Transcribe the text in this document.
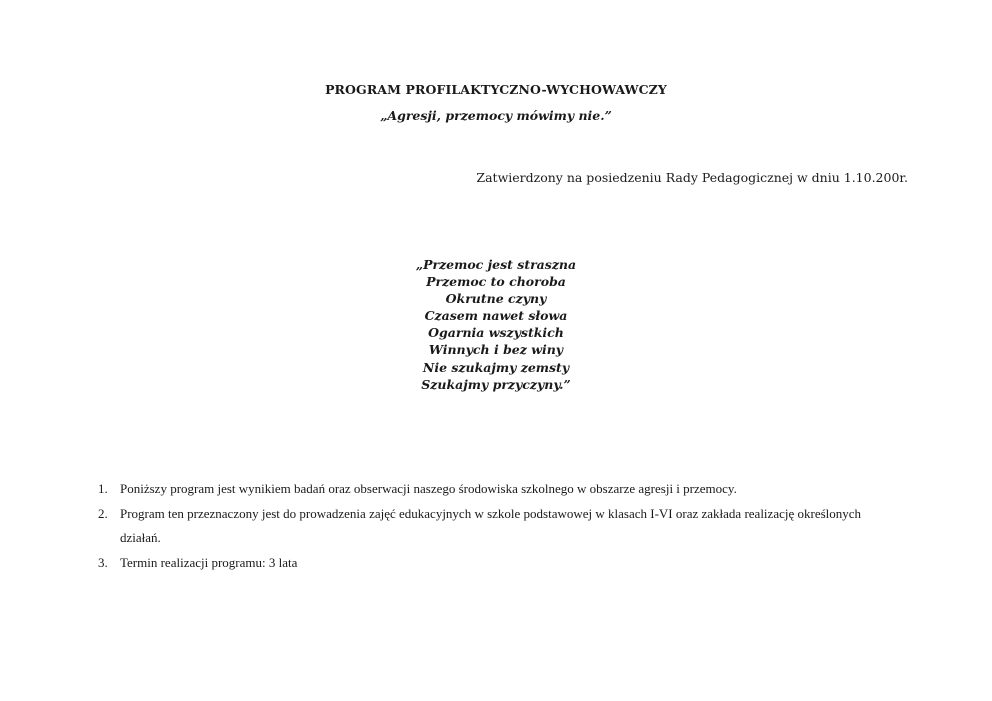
PROGRAM PROFILAKTYCZNO-WYCHOWAWCZY
„Agresji, przemocy mówimy nie.”
Zatwierdzony na posiedzeniu Rady Pedagogicznej w dniu 1.10.200r.
„Przemoc jest straszna
Przemoc to choroba
Okrutne czyny
Czasem nawet słowa
Ogarnia wszystkich
Winnych i bez winy
Nie szukajmy zemsty
Szukajmy przyczyny.”
1. Poniższy program jest wynikiem badań oraz obserwacji naszego środowiska szkolnego w obszarze agresji i przemocy.
2. Program ten przeznaczony jest do prowadzenia zajęć edukacyjnych w szkole podstawowej w klasach I-VI oraz zakłada realizację określonych działań.
3. Termin realizacji programu: 3 lata
